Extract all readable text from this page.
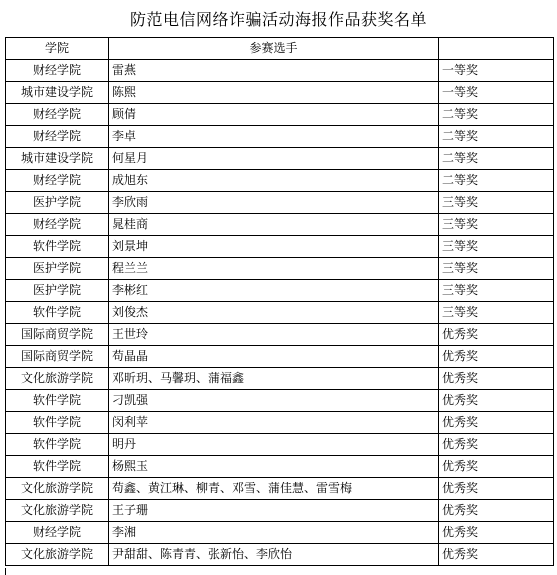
防范电信网络诈骗活动海报作品获奖名单
学院	参赛选手	
财经学院	雷燕	一等奖
城市建设学院	陈熙	一等奖
财经学院	顾倩	二等奖
财经学院	李卓	二等奖
城市建设学院	何星月	二等奖
财经学院	成旭东	二等奖
医护学院	李欣雨	三等奖
财经学院	晁桂商	三等奖
软件学院	刘景坤	三等奖
医护学院	程兰兰	三等奖
医护学院	李彬红	三等奖
软件学院	刘俊杰	三等奖
国际商贸学院	王世玲	优秀奖
国际商贸学院	苟晶晶	优秀奖
文化旅游学院	邓昕玥、马馨玥、蒲福鑫	优秀奖
软件学院	刁凯强	优秀奖
软件学院	闵利苹	优秀奖
软件学院	明丹	优秀奖
软件学院	杨熙玉	优秀奖
文化旅游学院	苟鑫、黄江琳、柳青、邓雪、蒲佳慧、雷雪梅	优秀奖
文化旅游学院	王子珊	优秀奖
财经学院	李湘	优秀奖
文化旅游学院	尹甜甜、陈青青、张新怡、李欣怡	优秀奖
